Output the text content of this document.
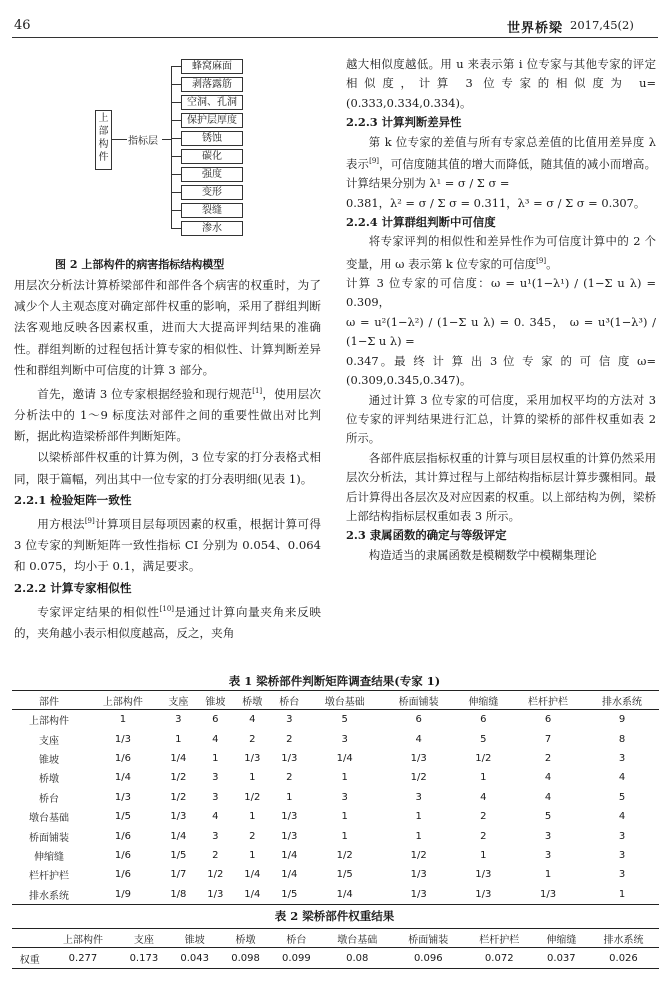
46	世界桥梁 2017,45(2)
上部构件
指标层
蜂窝麻面
剥落露筋
空洞、孔洞
保护层厚度
锈蚀
碳化
强度
变形
裂缝
渗水
图 2 上部构件的病害指标结构模型

用层次分析法计算桥梁部件和部件各个病害的权重时，为了减少个人主观态度对确定部件权重的影响，采用了群组判断法客观地反映各因素权重，进而大大提高评判结果的准确性。群组判断的过程包括计算专家的相似性、计算判断差异性和群组判断中可信度的计算 3 部分。

首先，邀请 3 位专家根据经验和现行规范[1]，使用层次分析法中的 1～9 标度法对部件之间的重要性做出对比判断，据此构造梁桥部件判断矩阵。

以梁桥部件权重的计算为例，3 位专家的打分表格式相同，限于篇幅，列出其中一位专家的打分表明细(见表 1)。

2.2.1 检验矩阵一致性

用方根法[9]计算项目层每项因素的权重，根据计算可得 3 位专家的判断矩阵一致性指标 CI 分别为 0.054、0.064 和 0.075，均小于 0.1，满足要求。

2.2.2 计算专家相似性

专家评定结果的相似性[10]是通过计算向量夹角来反映的，夹角越小表示相似度越高，反之，夹角

越大相似度越低。用 u 来表示第 i 位专家与其他专家的评定相似度，计算 3 位专家的相似度为 u=(0.333,0.334,0.334)。

2.2.3 计算判断差异性

第 k 位专家的差值与所有专家总差值的比值用差异度 λ 表示[9]，可信度随其值的增大而降低，随其值的减小而增高。计算结果分别为 λ¹ = σ / Σ σ =

0.381，λ² = σ / Σ σ = 0.311，λ³ = σ / Σ σ = 0.307。

2.2.4 计算群组判断中可信度

将专家评判的相似性和差异性作为可信度计算中的 2 个变量，用 ω 表示第 k 位专家的可信度[9]。

计算 3 位专家的可信度：ω = u¹(1−λ¹) / (1−Σ u λ) = 0.309，

ω = u²(1−λ²) / (1−Σ u λ) = 0. 345， ω = u³(1−λ³) / (1−Σ u λ) =

0.347。最 终 计 算 出 3 位 专 家 的 可 信 度 ω=(0.309,0.345,0.347)。

通过计算 3 位专家的可信度，采用加权平均的方法对 3 位专家的评判结果进行汇总，计算的梁桥的部件权重如表 2 所示。

各部件底层指标权重的计算与项目层权重的计算仍然采用层次分析法，其计算过程与上部结构指标层计算步骤相同。最后计算得出各层次及对应因素的权重。以上部结构为例，梁桥上部结构指标层权重如表 3 所示。

2.3 隶属函数的确定与等级评定

构造适当的隶属函数是模糊数学中模糊集理论

表 1 梁桥部件判断矩阵调查结果(专家 1)
部件	上部构件	支座	锥坡	桥墩	桥台	墩台基础	桥面铺装	伸缩缝	栏杆护栏	排水系统
上部构件	1	3	6	4	3	5	6	6	6	9
支座	1/3	1	4	2	2	3	4	5	7	8
锥坡	1/6	1/4	1	1/3	1/3	1/4	1/3	1/2	2	3
桥墩	1/4	1/2	3	1	2	1	1/2	1	4	4
桥台	1/3	1/2	3	1/2	1	3	3	4	4	5
墩台基础	1/5	1/3	4	1	1/3	1	1	2	5	4
桥面铺装	1/6	1/4	3	2	1/3	1	1	2	3	3
伸缩缝	1/6	1/5	2	1	1/4	1/2	1/2	1	3	3
栏杆护栏	1/6	1/7	1/2	1/4	1/4	1/5	1/3	1/3	1	3
排水系统	1/9	1/8	1/3	1/4	1/5	1/4	1/3	1/3	1/3	1
表 2 梁桥部件权重结果
	上部构件	支座	锥坡	桥墩	桥台	墩台基础	桥面铺装	栏杆护栏	伸缩缝	排水系统
权重	0.277	0.173	0.043	0.098	0.099	0.08	0.096	0.072	0.037	0.026
